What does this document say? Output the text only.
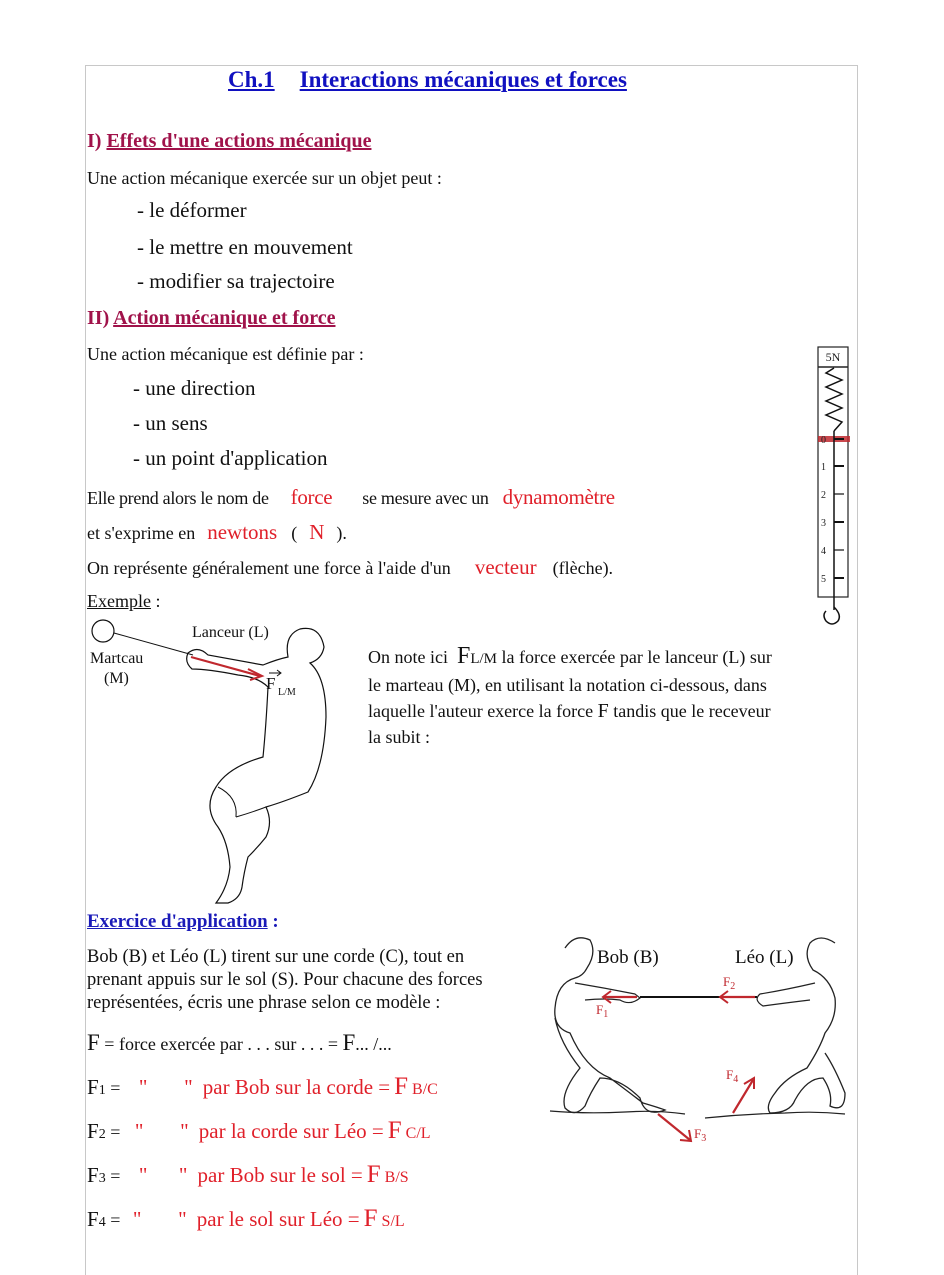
Ch.1 Interactions mécaniques et forces
I) Effets d'une actions mécanique
Une action mécanique exercée sur un objet peut :
- le déformer
- le mettre en mouvement
- modifier sa trajectoire
II) Action mécanique et force
Une action mécanique est définie par :
- une direction
- un sens
- un point d'application
Elle prend alors le nom de force se mesure avec un dynamomètre
et s'exprime en newtons ( N ).
On représente généralement une force à l'aide d'un vecteur (flèche).
Exemple :
5N
0
1
2
3
4
5
Martcau
(M)
Lanceur (L)
F L/M
On note ici FL/M la force exercée par le lanceur (L) sur
le marteau (M), en utilisant la notation ci-dessous, dans
laquelle l'auteur exerce la force F tandis que le receveur
la subit :
Exercice d'application :
Bob (B) et Léo (L) tirent sur une corde (C), tout en
prenant appuis sur le sol (S). Pour chacune des forces
représentées, écris une phrase selon ce modèle :
F = force exercée par . . . sur . . . = F... /...
F1 = "       " par Bob sur la corde = F B/C
F2 = "       " par la corde sur Léo = F C/L
F3 = "      " par Bob sur le sol = F B/S
F4 = "       " par le sol sur Léo = F S/L
Bob (B)	Léo (L)
$F_1$
$F_2$
$F_3$
$F_4$
